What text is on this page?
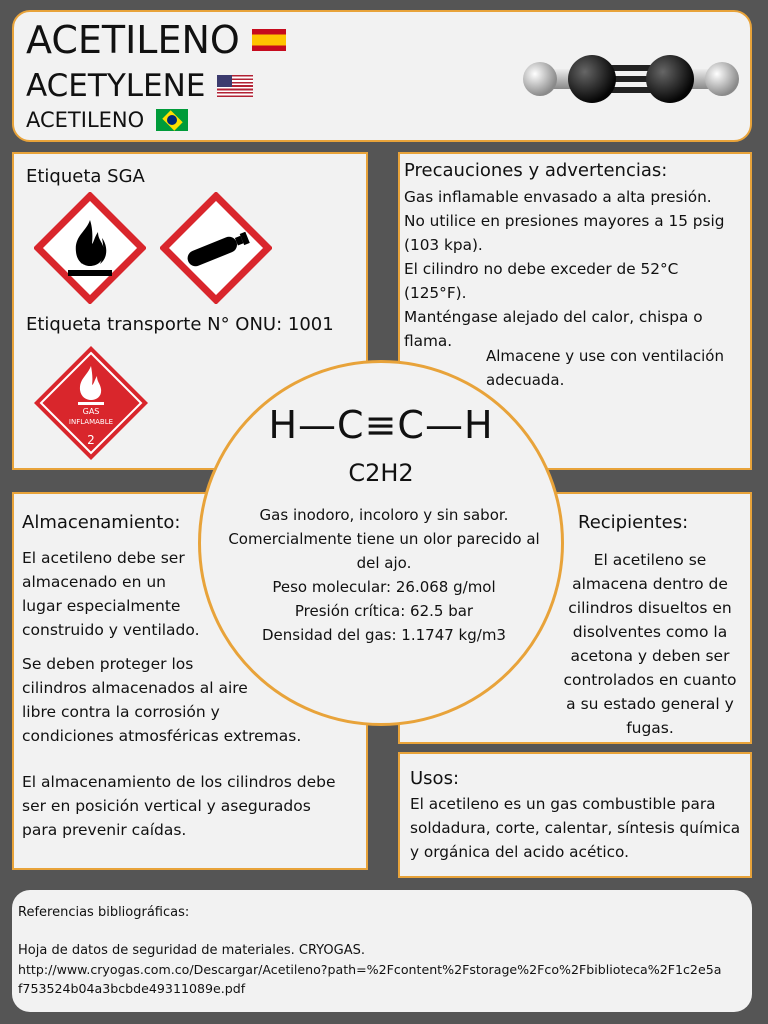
ACETILENO
ACETYLENE
ACETILENO
Etiqueta SGA
Etiqueta transporte N° ONU: 1001
GAS
INFLAMABLE
2
Precauciones y advertencias:
Gas inflamable envasado a alta presión.
No utilice en presiones mayores a 15 psig
(103 kpa).
El cilindro no debe exceder de 52°C
(125°F).
Manténgase alejado del calor, chispa o
flama.
Almacene y use con ventilación
adecuada.
Almacenamiento:
El acetileno debe ser
almacenado en un
lugar especialmente
construido y ventilado.
Se deben proteger los
cilindros almacenados al aire
libre contra la corrosión y
condiciones atmosféricas extremas.
El almacenamiento de los cilindros debe
ser en posición vertical y asegurados
para prevenir caídas.
Recipientes:
El acetileno se
almacena dentro de
cilindros disueltos en
disolventes como la
acetona y deben ser
controlados en cuanto
a su estado general y
fugas.
Usos:
El acetileno es un gas combustible para
soldadura, corte, calentar, síntesis química
y orgánica del acido acético.
H—C≡C—H
C2H2
Gas inodoro, incoloro y sin sabor.
Comercialmente tiene un olor parecido al
del ajo.
Peso molecular: 26.068 g/mol
Presión crítica: 62.5 bar
Densidad del gas: 1.1747 kg/m3
Referencias bibliográficas:
Hoja de datos de seguridad de materiales. CRYOGAS.
http://www.cryogas.com.co/Descargar/Acetileno?path=%2Fcontent%2Fstorage%2Fco%2Fbiblioteca%2F1c2e5a
f753524b04a3bcbde49311089e.pdf
